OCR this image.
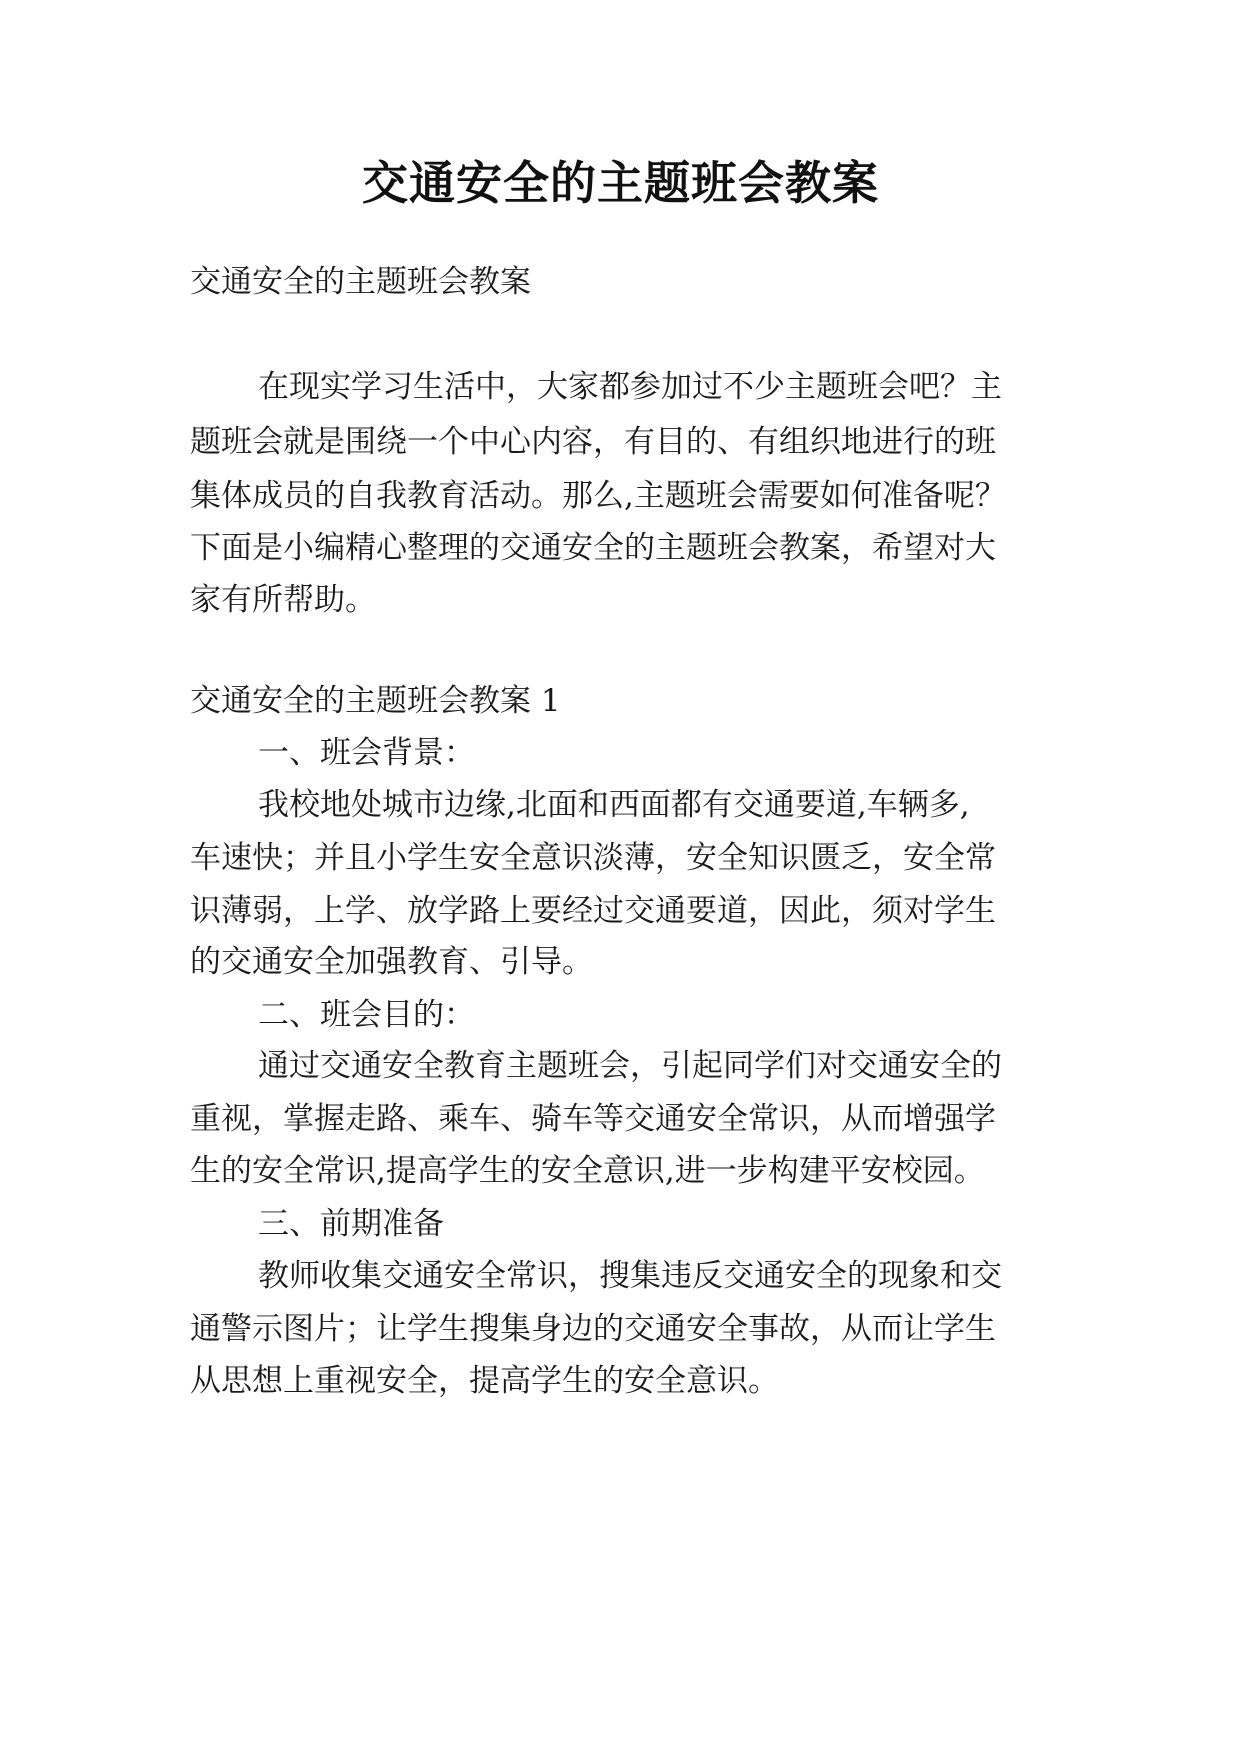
交通安全的主题班会教案
交通安全的主题班会教案
在现实学习生活中，大家都参加过不少主题班会吧？主
题班会就是围绕一个中心内容，有目的、有组织地进行的班
集体成员的自我教育活动。那么,主题班会需要如何准备呢？
下面是小编精心整理的交通安全的主题班会教案，希望对大
家有所帮助。
交通安全的主题班会教案 1
一、班会背景：
我校地处城市边缘,北面和西面都有交通要道,车辆多,
车速快；并且小学生安全意识淡薄，安全知识匮乏，安全常
识薄弱，上学、放学路上要经过交通要道，因此，须对学生
的交通安全加强教育、引导。
二、班会目的：
通过交通安全教育主题班会，引起同学们对交通安全的
重视，掌握走路、乘车、骑车等交通安全常识，从而增强学
生的安全常识,提高学生的安全意识,进一步构建平安校园。
三、前期准备
教师收集交通安全常识，搜集违反交通安全的现象和交
通警示图片；让学生搜集身边的交通安全事故，从而让学生
从思想上重视安全，提高学生的安全意识。
